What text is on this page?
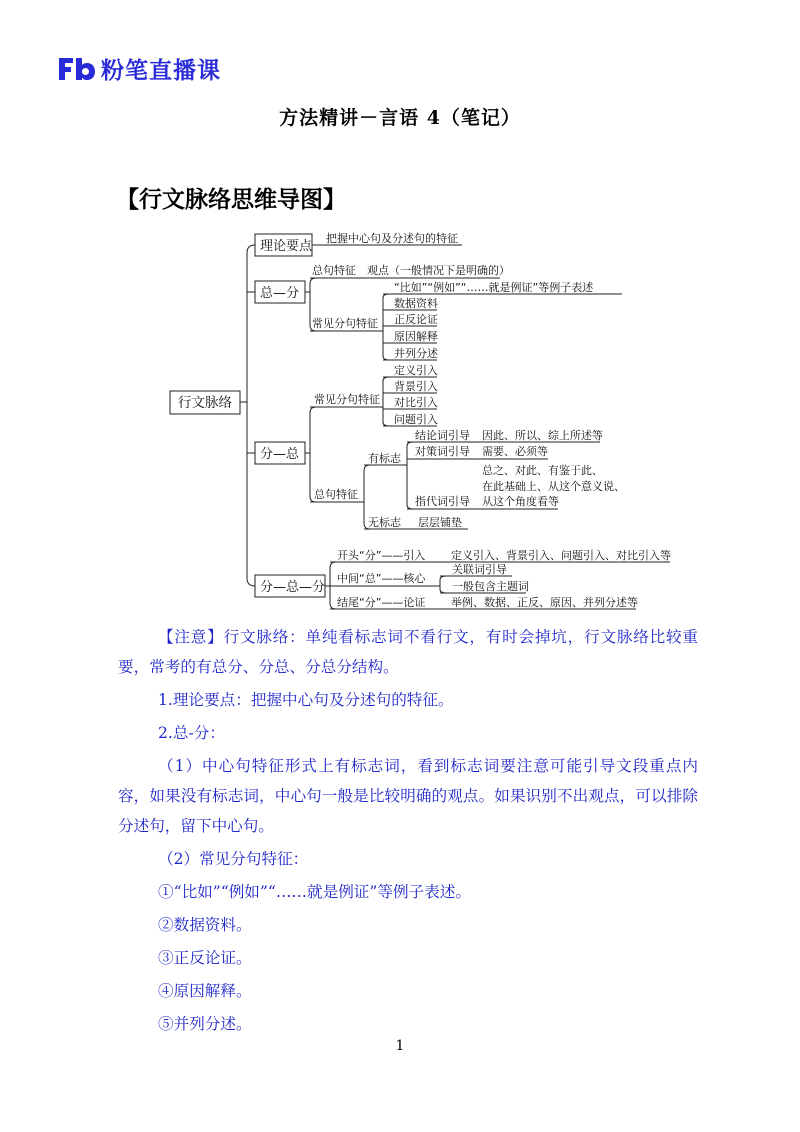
粉笔直播课
方法精讲－言语 4（笔记）
【行文脉络思维导图】
行文脉络
理论要点
总—分
分—总
分—总—分
把握中心句及分述句的特征
总句特征 观点（一般情况下是明确的）
常见分句特征
“比如”“例如”“……就是例证”等例子表述
数据资料
正反论证
原因解释
并列分述
常见分句特征
定义引入
背景引入
对比引入
问题引入
总句特征
有标志
结论词引导 因此、所以、综上所述等
对策词引导 需要、必须等
指代词引导
总之、对此、有鉴于此、
在此基础上、从这个意义说、
从这个角度看等
无标志 层层铺垫
开头“分”——引入 定义引入、背景引入、问题引入、对比引入等
中间“总”——核心
关联词引导
一般包含主题词
结尾“分”——论证 举例、数据、正反、原因、并列分述等
【注意】行文脉络：单纯看标志词不看行文，有时会掉坑，行文脉络比较重要，常考的有总分、分总、分总分结构。
1.理论要点：把握中心句及分述句的特征。
2.总-分：
（1）中心句特征形式上有标志词，看到标志词要注意可能引导文段重点内容，如果没有标志词，中心句一般是比较明确的观点。如果识别不出观点，可以排除分述句，留下中心句。
（2）常见分句特征：
①“比如”“例如”“……就是例证”等例子表述。
②数据资料。
③正反论证。
④原因解释。
⑤并列分述。
1
